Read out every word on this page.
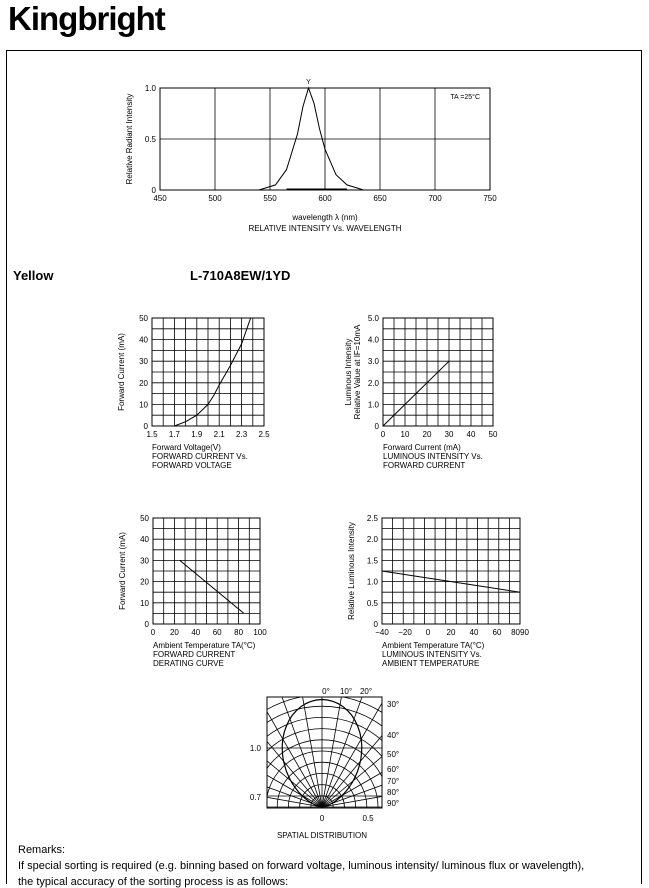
Kingbright
Yellow	L-710A8EW/1YD
450	500	550	600	650	700	750
0
0.5
1.0
Relative Radiant Intensity
wavelength λ (nm)
RELATIVE INTENSITY Vs. WAVELENGTH
TA =25°C
Y
1.5 1.7 1.9 2.1 2.3 2.5
0
10
20
30
40
50
Forward Current (mA)
Forward Voltage(V)
FORWARD CURRENT Vs.
FORWARD VOLTAGE
0 10 20 30 40 50
0
1.0
2.0
3.0
4.0
5.0
Luminous Intensity Relative Value at IF=10mA
Forward Current (mA)
LUMINOUS INTENSITY Vs.
FORWARD CURRENT
0 20 40 60 80 100
0
10
20
30
40
50
Forward Current (mA)
Ambient Temperature TA(°C)
FORWARD CURRENT
DERATING CURVE
−40 −20 0 20 40 60 8090
0
0.5
1.0
1.5
2.0
2.5
Relative Luminous Intensity
Ambient Temperature TA(°C)
LUMINOUS INTENSITY Vs.
AMBIENT TEMPERATURE
0° 10° 20°
30°
40°
50°
60°
70°
80°
90°
1.0
0.7
0	0.5
SPATIAL DISTRIBUTION
Remarks:
If special sorting is required (e.g. binning based on forward voltage, luminous intensity/ luminous flux or wavelength),
the typical accuracy of the sorting process is as follows:
